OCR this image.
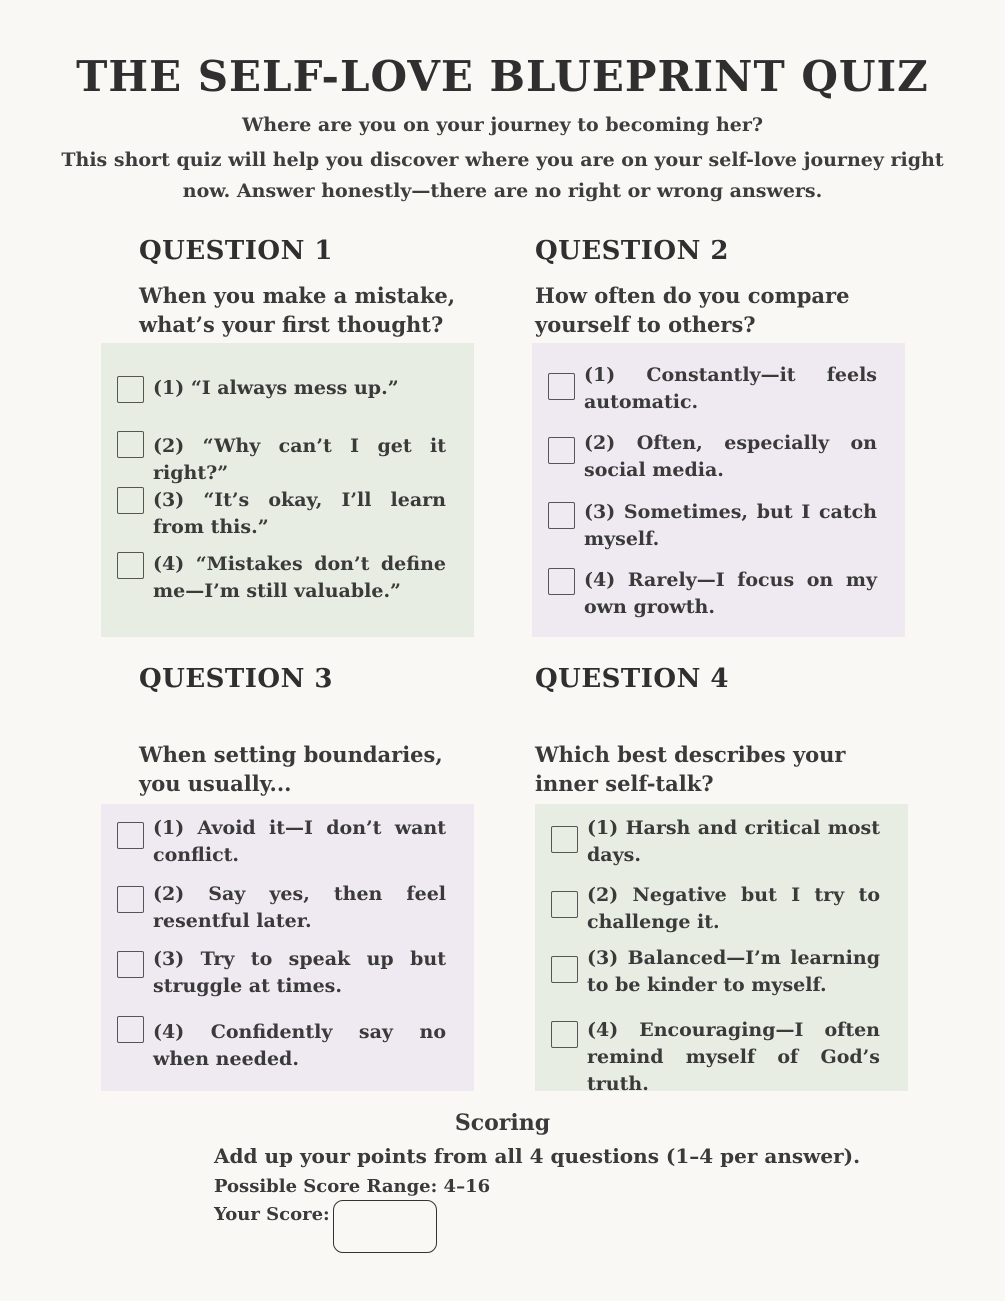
THE SELF-LOVE BLUEPRINT QUIZ
Where are you on your journey to becoming her?
This short quiz will help you discover where you are on your self-love journey right now. Answer honestly—there are no right or wrong answers.
QUESTION 1
When you make a mistake, what’s your first thought?
(1) “I always mess up.”
(2) “Why can’t I get it right?”
(3) “It’s okay, I’ll learn from this.”
(4) “Mistakes don’t define me—I’m still valuable.”
QUESTION 2
How often do you compare yourself to others?
(1) Constantly—it feels automatic.
(2) Often, especially on social media.
(3) Sometimes, but I catch myself.
(4) Rarely—I focus on my own growth.
QUESTION 3
When setting boundaries, you usually...
(1) Avoid it—I don’t want conflict.
(2) Say yes, then feel resentful later.
(3) Try to speak up but struggle at times.
(4) Confidently say no when needed.
QUESTION 4
Which best describes your inner self-talk?
(1) Harsh and critical most days.
(2) Negative but I try to challenge it.
(3) Balanced—I’m learning to be kinder to myself.
(4) Encouraging—I often remind myself of God’s truth.
Scoring
Add up your points from all 4 questions (1–4 per answer).
Possible Score Range: 4–16
Your Score:
